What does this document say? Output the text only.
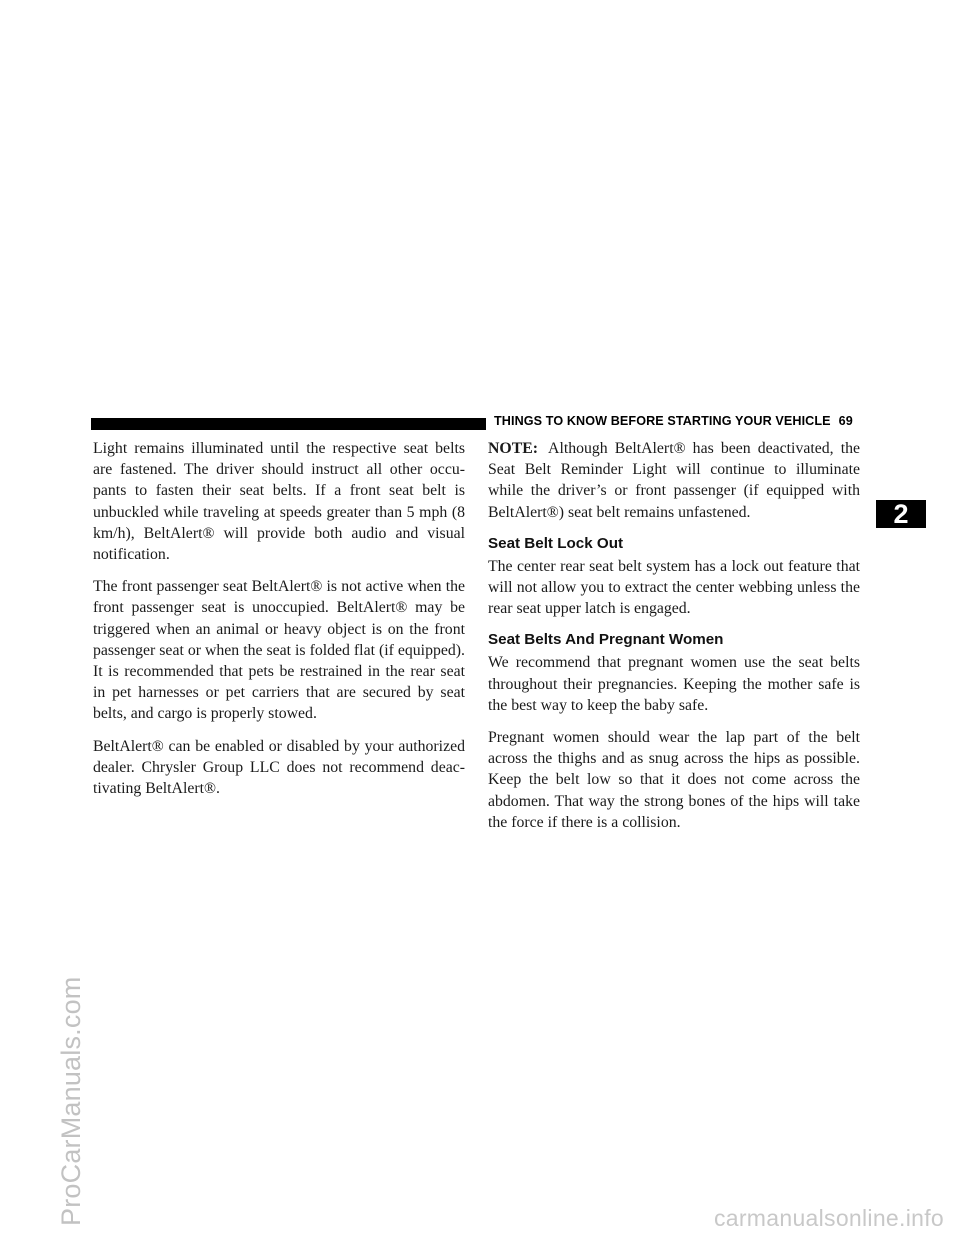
ProCarManuals.com
THINGS TO KNOW BEFORE STARTING YOUR VEHICLE 69
2

Light remains illuminated until the respective seat belts are fastened. The driver should instruct all other occu-pants to fasten their seat belts. If a front seat belt is unbuckled while traveling at speeds greater than 5 mph (8 km/h), BeltAlert® will provide both audio and visual notification.

The front passenger seat BeltAlert® is not active when the front passenger seat is unoccupied. BeltAlert® may be triggered when an animal or heavy object is on the front passenger seat or when the seat is folded flat (if equipped). It is recommended that pets be restrained in the rear seat in pet harnesses or pet carriers that are secured by seat belts, and cargo is properly stowed.

BeltAlert® can be enabled or disabled by your authorized dealer. Chrysler Group LLC does not recommend deac-tivating BeltAlert®.

NOTE: Although BeltAlert® has been deactivated, the Seat Belt Reminder Light will continue to illuminate while the driver’s or front passenger (if equipped with BeltAlert®) seat belt remains unfastened.

Seat Belt Lock Out

The center rear seat belt system has a lock out feature that will not allow you to extract the center webbing unless the rear seat upper latch is engaged.

Seat Belts And Pregnant Women

We recommend that pregnant women use the seat belts throughout their pregnancies. Keeping the mother safe is the best way to keep the baby safe.

Pregnant women should wear the lap part of the belt across the thighs and as snug across the hips as possible. Keep the belt low so that it does not come across the abdomen. That way the strong bones of the hips will take the force if there is a collision.

carmanualsonline.info
